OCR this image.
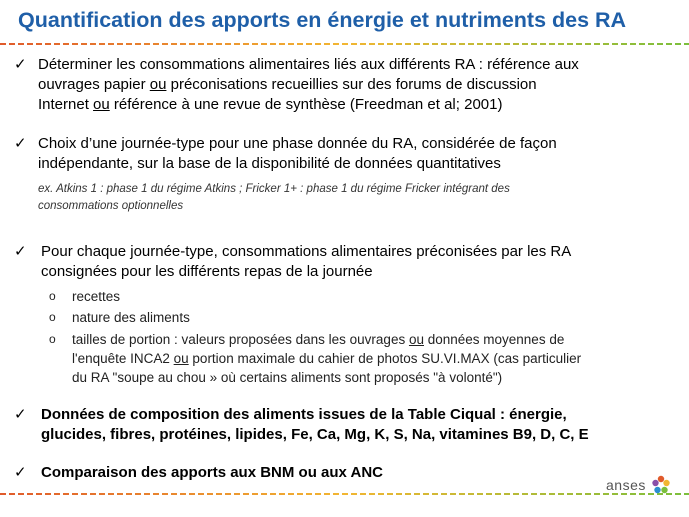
Quantification des apports en énergie et nutriments des RA
✓ Déterminer les consommations alimentaires liés aux différents RA : référence aux
ouvrages papier ou préconisations recueillies sur des forums de discussion
Internet ou référence à une revue de synthèse (Freedman et al; 2001)
✓ Choix d’une journée-type pour une phase donnée du RA, considérée de façon
indépendante, sur la base de la disponibilité de données quantitatives
ex. Atkins 1 : phase 1 du régime Atkins ; Fricker 1+ : phase 1 du régime Fricker intégrant des
consommations optionnelles
✓ Pour chaque journée-type, consommations alimentaires préconisées par les RA
consignées pour les différents repas de la journée
o recettes
o nature des aliments
o tailles de portion : valeurs proposées dans les ouvrages ou données moyennes de
l'enquête INCA2 ou portion maximale du cahier de photos SU.VI.MAX (cas particulier
du RA "soupe au chou » où certains aliments sont proposés "à volonté")
✓ Données de composition des aliments issues de la Table Ciqual : énergie,
glucides, fibres, protéines, lipides, Fe, Ca, Mg, K, S, Na, vitamines B9, D, C, E
✓ Comparaison des apports aux BNM ou aux ANC
anses
